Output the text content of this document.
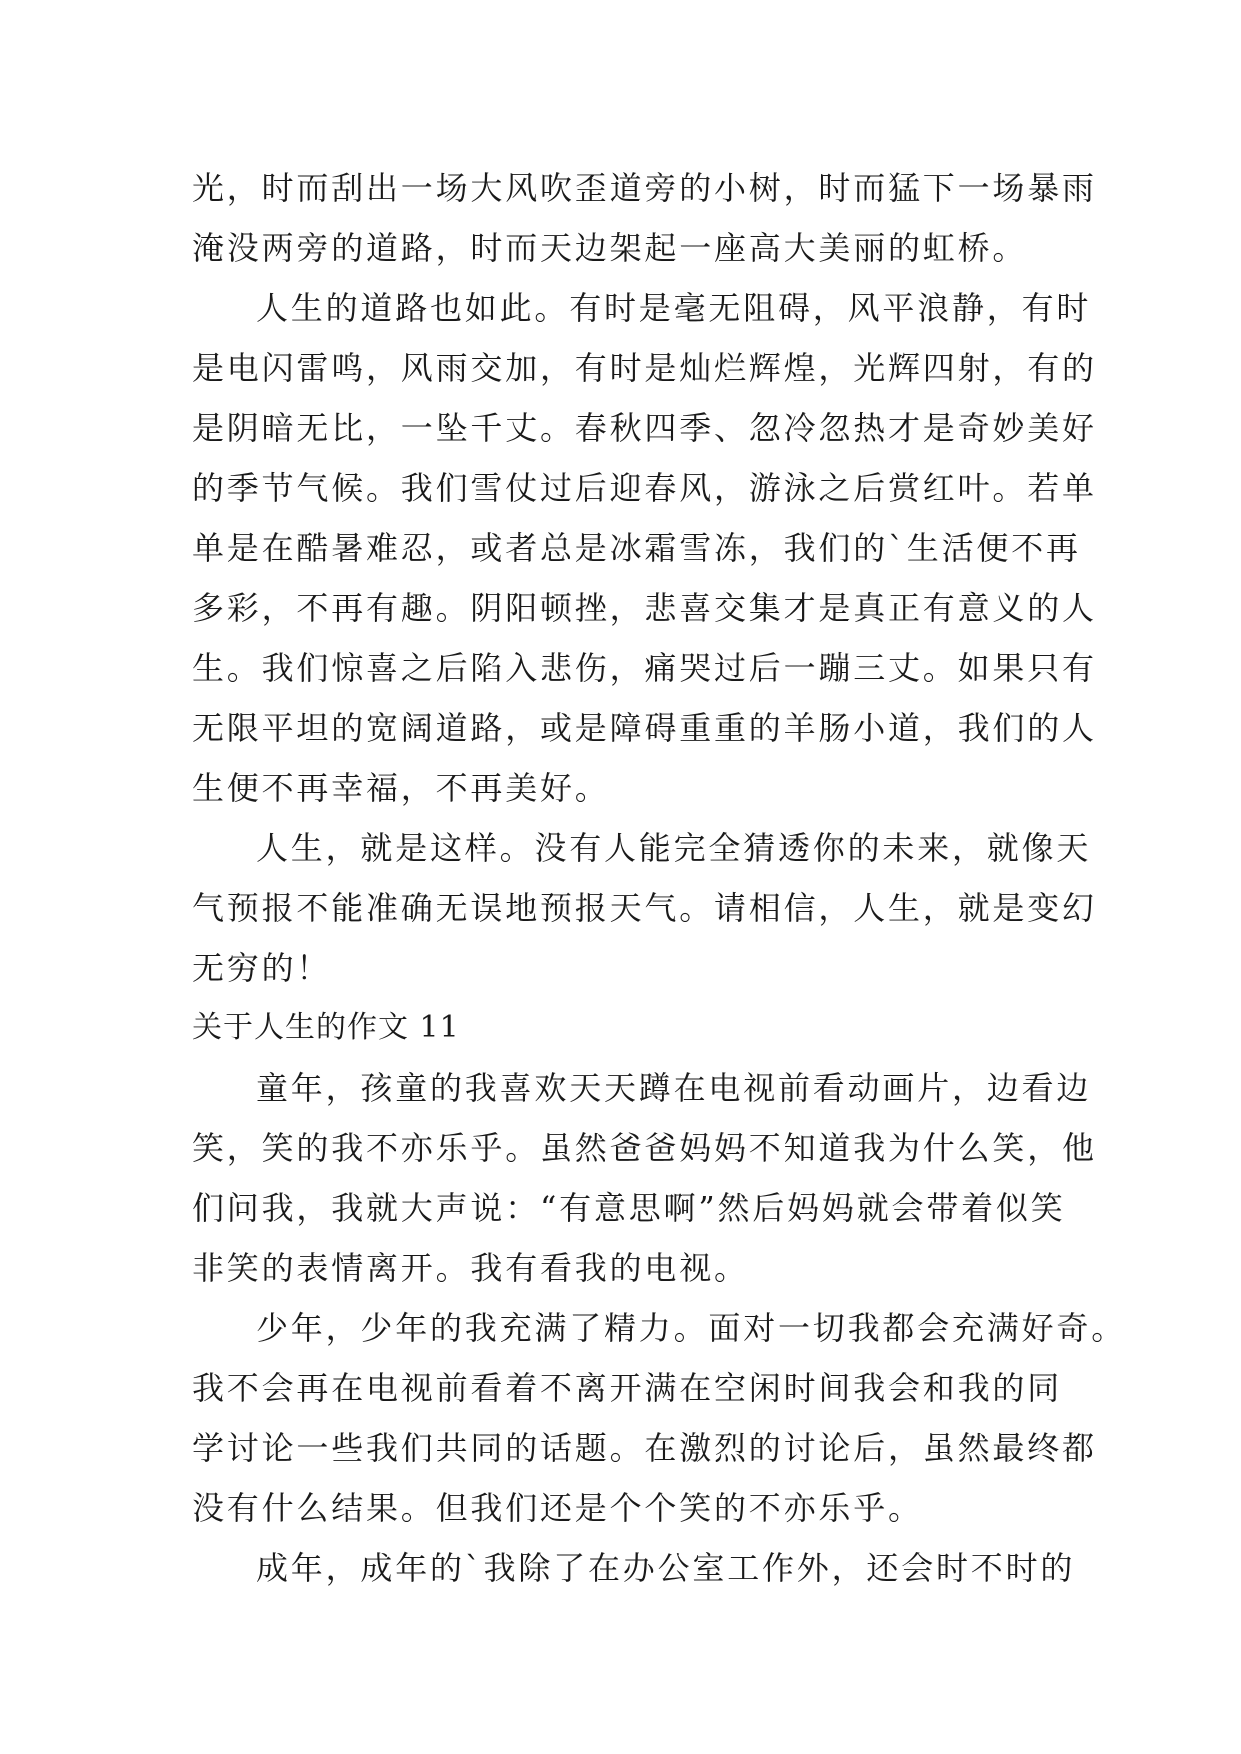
光，时而刮出一场大风吹歪道旁的小树，时而猛下一场暴雨
淹没两旁的道路，时而天边架起一座高大美丽的虹桥。
人生的道路也如此。有时是毫无阻碍，风平浪静，有时
是电闪雷鸣，风雨交加，有时是灿烂辉煌，光辉四射，有的
是阴暗无比，一坠千丈。春秋四季、忽冷忽热才是奇妙美好
的季节气候。我们雪仗过后迎春风，游泳之后赏红叶。若单
单是在酷暑难忍，或者总是冰霜雪冻，我们的`生活便不再
多彩，不再有趣。阴阳顿挫，悲喜交集才是真正有意义的人
生。我们惊喜之后陷入悲伤，痛哭过后一蹦三丈。如果只有
无限平坦的宽阔道路，或是障碍重重的羊肠小道，我们的人
生便不再幸福，不再美好。
人生，就是这样。没有人能完全猜透你的未来，就像天
气预报不能准确无误地预报天气。请相信，人生，就是变幻
无穷的！
关于人生的作文 11
童年，孩童的我喜欢天天蹲在电视前看动画片，边看边
笑，笑的我不亦乐乎。虽然爸爸妈妈不知道我为什么笑，他
们问我，我就大声说：“有意思啊”然后妈妈就会带着似笑
非笑的表情离开。我有看我的电视。
少年，少年的我充满了精力。面对一切我都会充满好奇。
我不会再在电视前看着不离开满在空闲时间我会和我的同
学讨论一些我们共同的话题。在激烈的讨论后，虽然最终都
没有什么结果。但我们还是个个笑的不亦乐乎。
成年，成年的`我除了在办公室工作外，还会时不时的
